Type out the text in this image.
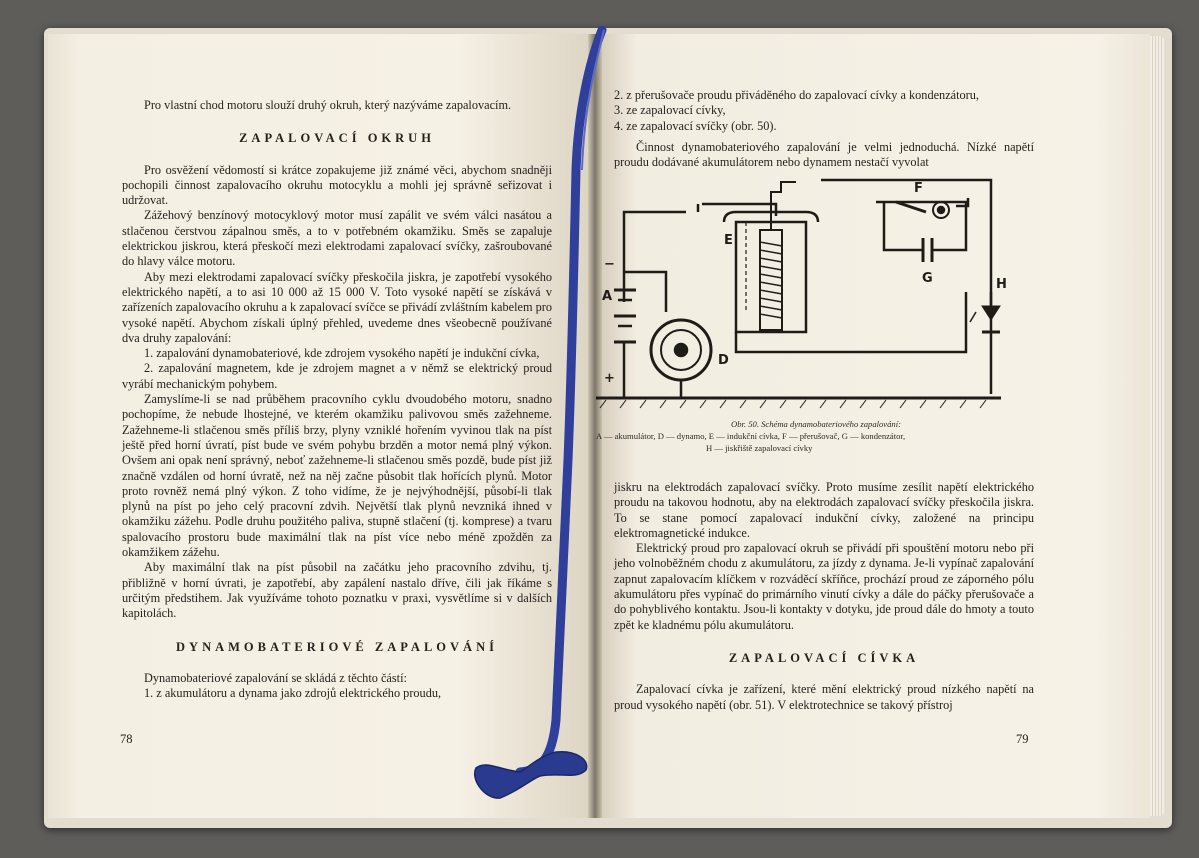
Pro vlastní chod motoru slouží druhý okruh, který nazýváme zapalovacím.

ZAPALOVACÍ OKRUH

Pro osvěžení vědomostí si krátce zopakujeme již známé věci, abychom snadněji pochopili činnost zapalovacího okruhu motocyklu a mohli jej správně seřizovat i udržovat.

Zážehový benzínový motocyklový motor musí zapálit ve svém válci nasátou a stlačenou čerstvou zápalnou směs, a to v potřebném okamžiku. Směs se zapaluje elektrickou jiskrou, která přeskočí mezi elektrodami zapalovací svíčky, zašroubované do hlavy válce motoru.

Aby mezi elektrodami zapalovací svíčky přeskočila jiskra, je zapotřebí vysokého elektrického napětí, a to asi 10 000 až 15 000 V. Toto vysoké napětí se získává v zařízeních zapalovacího okruhu a k zapalovací svíčce se přivádí zvláštním kabelem pro vysoké napětí. Abychom získali úplný přehled, uvedeme dnes všeobecně používané dva druhy zapalování:

1. zapalování dynamobateriové, kde zdrojem vysokého napětí je indukční cívka,

2. zapalování magnetem, kde je zdrojem magnet a v němž se elektrický proud vyrábí mechanickým pohybem.

Zamyslíme-li se nad průběhem pracovního cyklu dvoudobého motoru, snadno pochopíme, že nebude lhostejné, ve kterém okamžiku palivovou směs zažehneme. Zažehneme-li stlačenou směs příliš brzy, plyny vzniklé hořením vyvinou tlak na píst ještě před horní úvratí, píst bude ve svém pohybu brzděn a motor nemá plný výkon. Ovšem ani opak není správný, neboť zažehneme-li stlačenou směs pozdě, bude píst již značně vzdálen od horní úvratě, než na něj začne působit tlak hořících plynů. Motor proto rovněž nemá plný výkon. Z toho vidíme, že je nejvýhodnější, působí-li tlak plynů na píst po jeho celý pracovní zdvih. Největší tlak plynů nevzniká ihned v okamžiku zážehu. Podle druhu použitého paliva, stupně stlačení (tj. komprese) a tvaru spalovacího prostoru bude maximální tlak na píst více nebo méně zpožděn za okamžikem zážehu.

Aby maximální tlak na píst působil na začátku jeho pracovního zdvihu, tj. přibližně v horní úvrati, je zapotřebí, aby zapálení nastalo dříve, čili jak říkáme s určitým předstihem. Jak využíváme tohoto poznatku v praxi, vysvětlíme si v dalších kapitolách.

DYNAMOBATERIOVÉ ZAPALOVÁNÍ

Dynamobateriové zapalování se skládá z těchto částí:

1. z akumulátoru a dynama jako zdrojů elektrického proudu,

78

2. z přerušovače proudu přiváděného do zapalovací cívky a kondenzátoru,

3. ze zapalovací cívky,

4. ze zapalovací svíčky (obr. 50).

Činnost dynamobateriového zapalování je velmi jednoduchá. Nízké napětí proudu dodávané akumulátorem nebo dynamem nestačí vyvolat

A
D
E
F
G	H
−
+
Obr. 50. Schéma dynamobateriového zapalování:
A — akumulátor, D — dynamo, E — indukční cívka, F — přerušovač, G — kondenzátor,
H — jiskřiště zapalovací cívky

jiskru na elektrodách zapalovací svíčky. Proto musíme zesílit napětí elektrického proudu na takovou hodnotu, aby na elektrodách zapalovací svíčky přeskočila jiskra. To se stane pomocí zapalovací indukční cívky, založené na principu elektromagnetické indukce.

Elektrický proud pro zapalovací okruh se přivádí při spouštění motoru nebo při jeho volnoběžném chodu z akumulátoru, za jízdy z dynama. Je-li vypínač zapalování zapnut zapalovacím klíčkem v rozváděcí skříňce, prochází proud ze záporného pólu akumulátoru přes vypínač do primárního vinutí cívky a dále do páčky přerušovače a do pohyblivého kontaktu. Jsou-li kontakty v dotyku, jde proud dále do hmoty a touto zpět ke kladnému pólu akumulátoru.

ZAPALOVACÍ CÍVKA

Zapalovací cívka je zařízení, které mění elektrický proud nízkého napětí na proud vysokého napětí (obr. 51). V elektrotechnice se takový přístroj

79
